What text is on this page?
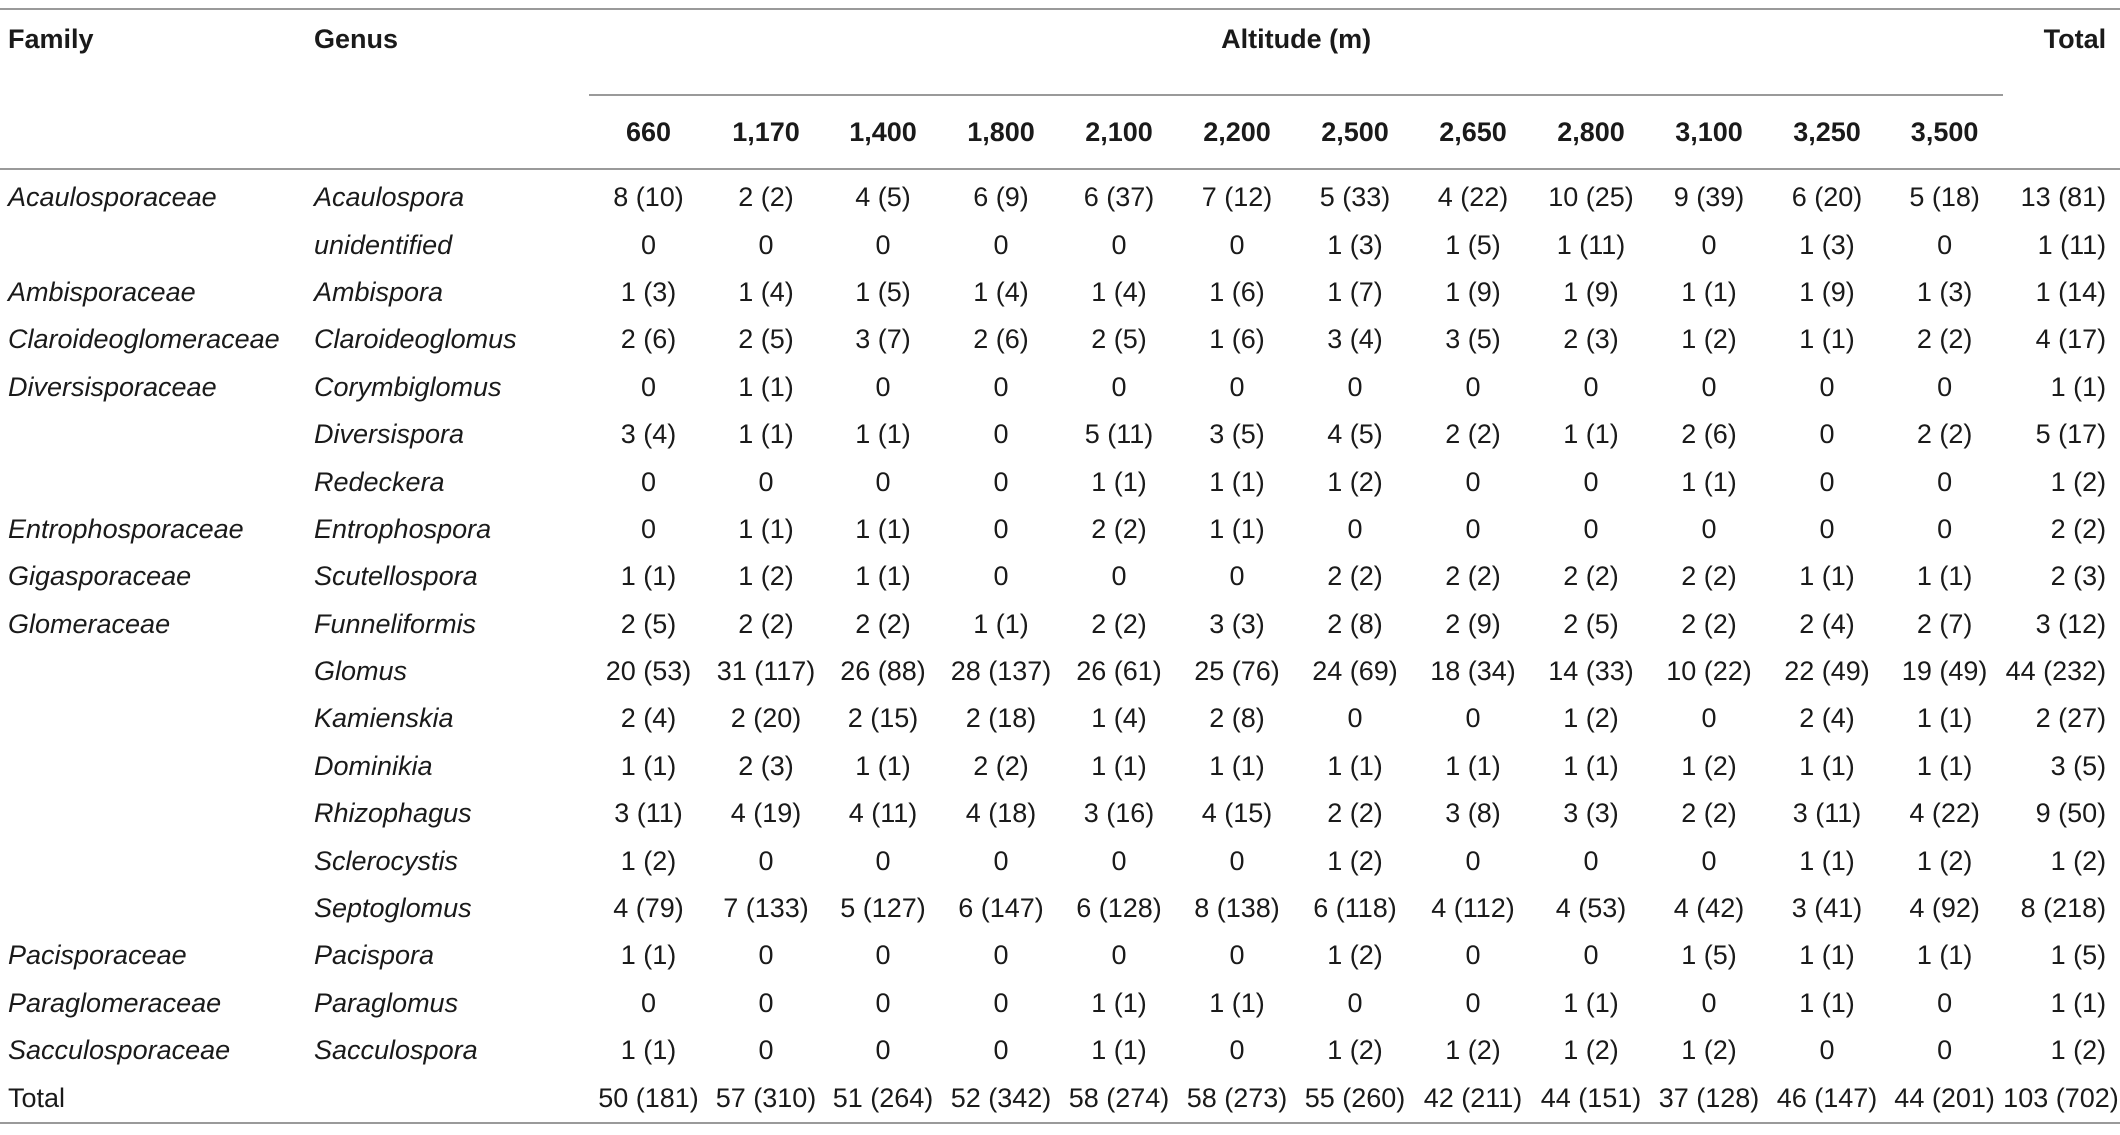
Family	Genus	Altitude (m)												Total
		660	1,170	1,400	1,800	2,100	2,200	2,500	2,650	2,800	3,100	3,250	3,500	
Acaulosporaceae	Acaulospora	8 (10)	2 (2)	4 (5)	6 (9)	6 (37)	7 (12)	5 (33)	4 (22)	10 (25)	9 (39)	6 (20)	5 (18)	13 (81)
	unidentified	0	0	0	0	0	0	1 (3)	1 (5)	1 (11)	0	1 (3)	0	1 (11)
Ambisporaceae	Ambispora	1 (3)	1 (4)	1 (5)	1 (4)	1 (4)	1 (6)	1 (7)	1 (9)	1 (9)	1 (1)	1 (9)	1 (3)	1 (14)
Claroideoglomeraceae	Claroideoglomus	2 (6)	2 (5)	3 (7)	2 (6)	2 (5)	1 (6)	3 (4)	3 (5)	2 (3)	1 (2)	1 (1)	2 (2)	4 (17)
Diversisporaceae	Corymbiglomus	0	1 (1)	0	0	0	0	0	0	0	0	0	0	1 (1)
	Diversispora	3 (4)	1 (1)	1 (1)	0	5 (11)	3 (5)	4 (5)	2 (2)	1 (1)	2 (6)	0	2 (2)	5 (17)
	Redeckera	0	0	0	0	1 (1)	1 (1)	1 (2)	0	0	1 (1)	0	0	1 (2)
Entrophosporaceae	Entrophospora	0	1 (1)	1 (1)	0	2 (2)	1 (1)	0	0	0	0	0	0	2 (2)
Gigasporaceae	Scutellospora	1 (1)	1 (2)	1 (1)	0	0	0	2 (2)	2 (2)	2 (2)	2 (2)	1 (1)	1 (1)	2 (3)
Glomeraceae	Funneliformis	2 (5)	2 (2)	2 (2)	1 (1)	2 (2)	3 (3)	2 (8)	2 (9)	2 (5)	2 (2)	2 (4)	2 (7)	3 (12)
	Glomus	20 (53)	31 (117)	26 (88)	28 (137)	26 (61)	25 (76)	24 (69)	18 (34)	14 (33)	10 (22)	22 (49)	19 (49)	44 (232)
	Kamienskia	2 (4)	2 (20)	2 (15)	2 (18)	1 (4)	2 (8)	0	0	1 (2)	0	2 (4)	1 (1)	2 (27)
	Dominikia	1 (1)	2 (3)	1 (1)	2 (2)	1 (1)	1 (1)	1 (1)	1 (1)	1 (1)	1 (2)	1 (1)	1 (1)	3 (5)
	Rhizophagus	3 (11)	4 (19)	4 (11)	4 (18)	3 (16)	4 (15)	2 (2)	3 (8)	3 (3)	2 (2)	3 (11)	4 (22)	9 (50)
	Sclerocystis	1 (2)	0	0	0	0	0	1 (2)	0	0	0	1 (1)	1 (2)	1 (2)
	Septoglomus	4 (79)	7 (133)	5 (127)	6 (147)	6 (128)	8 (138)	6 (118)	4 (112)	4 (53)	4 (42)	3 (41)	4 (92)	8 (218)
Pacisporaceae	Pacispora	1 (1)	0	0	0	0	0	1 (2)	0	0	1 (5)	1 (1)	1 (1)	1 (5)
Paraglomeraceae	Paraglomus	0	0	0	0	1 (1)	1 (1)	0	0	1 (1)	0	1 (1)	0	1 (1)
Sacculosporaceae	Sacculospora	1 (1)	0	0	0	1 (1)	0	1 (2)	1 (2)	1 (2)	1 (2)	0	0	1 (2)
Total		50 (181)	57 (310)	51 (264)	52 (342)	58 (274)	58 (273)	55 (260)	42 (211)	44 (151)	37 (128)	46 (147)	44 (201)	103 (702)
